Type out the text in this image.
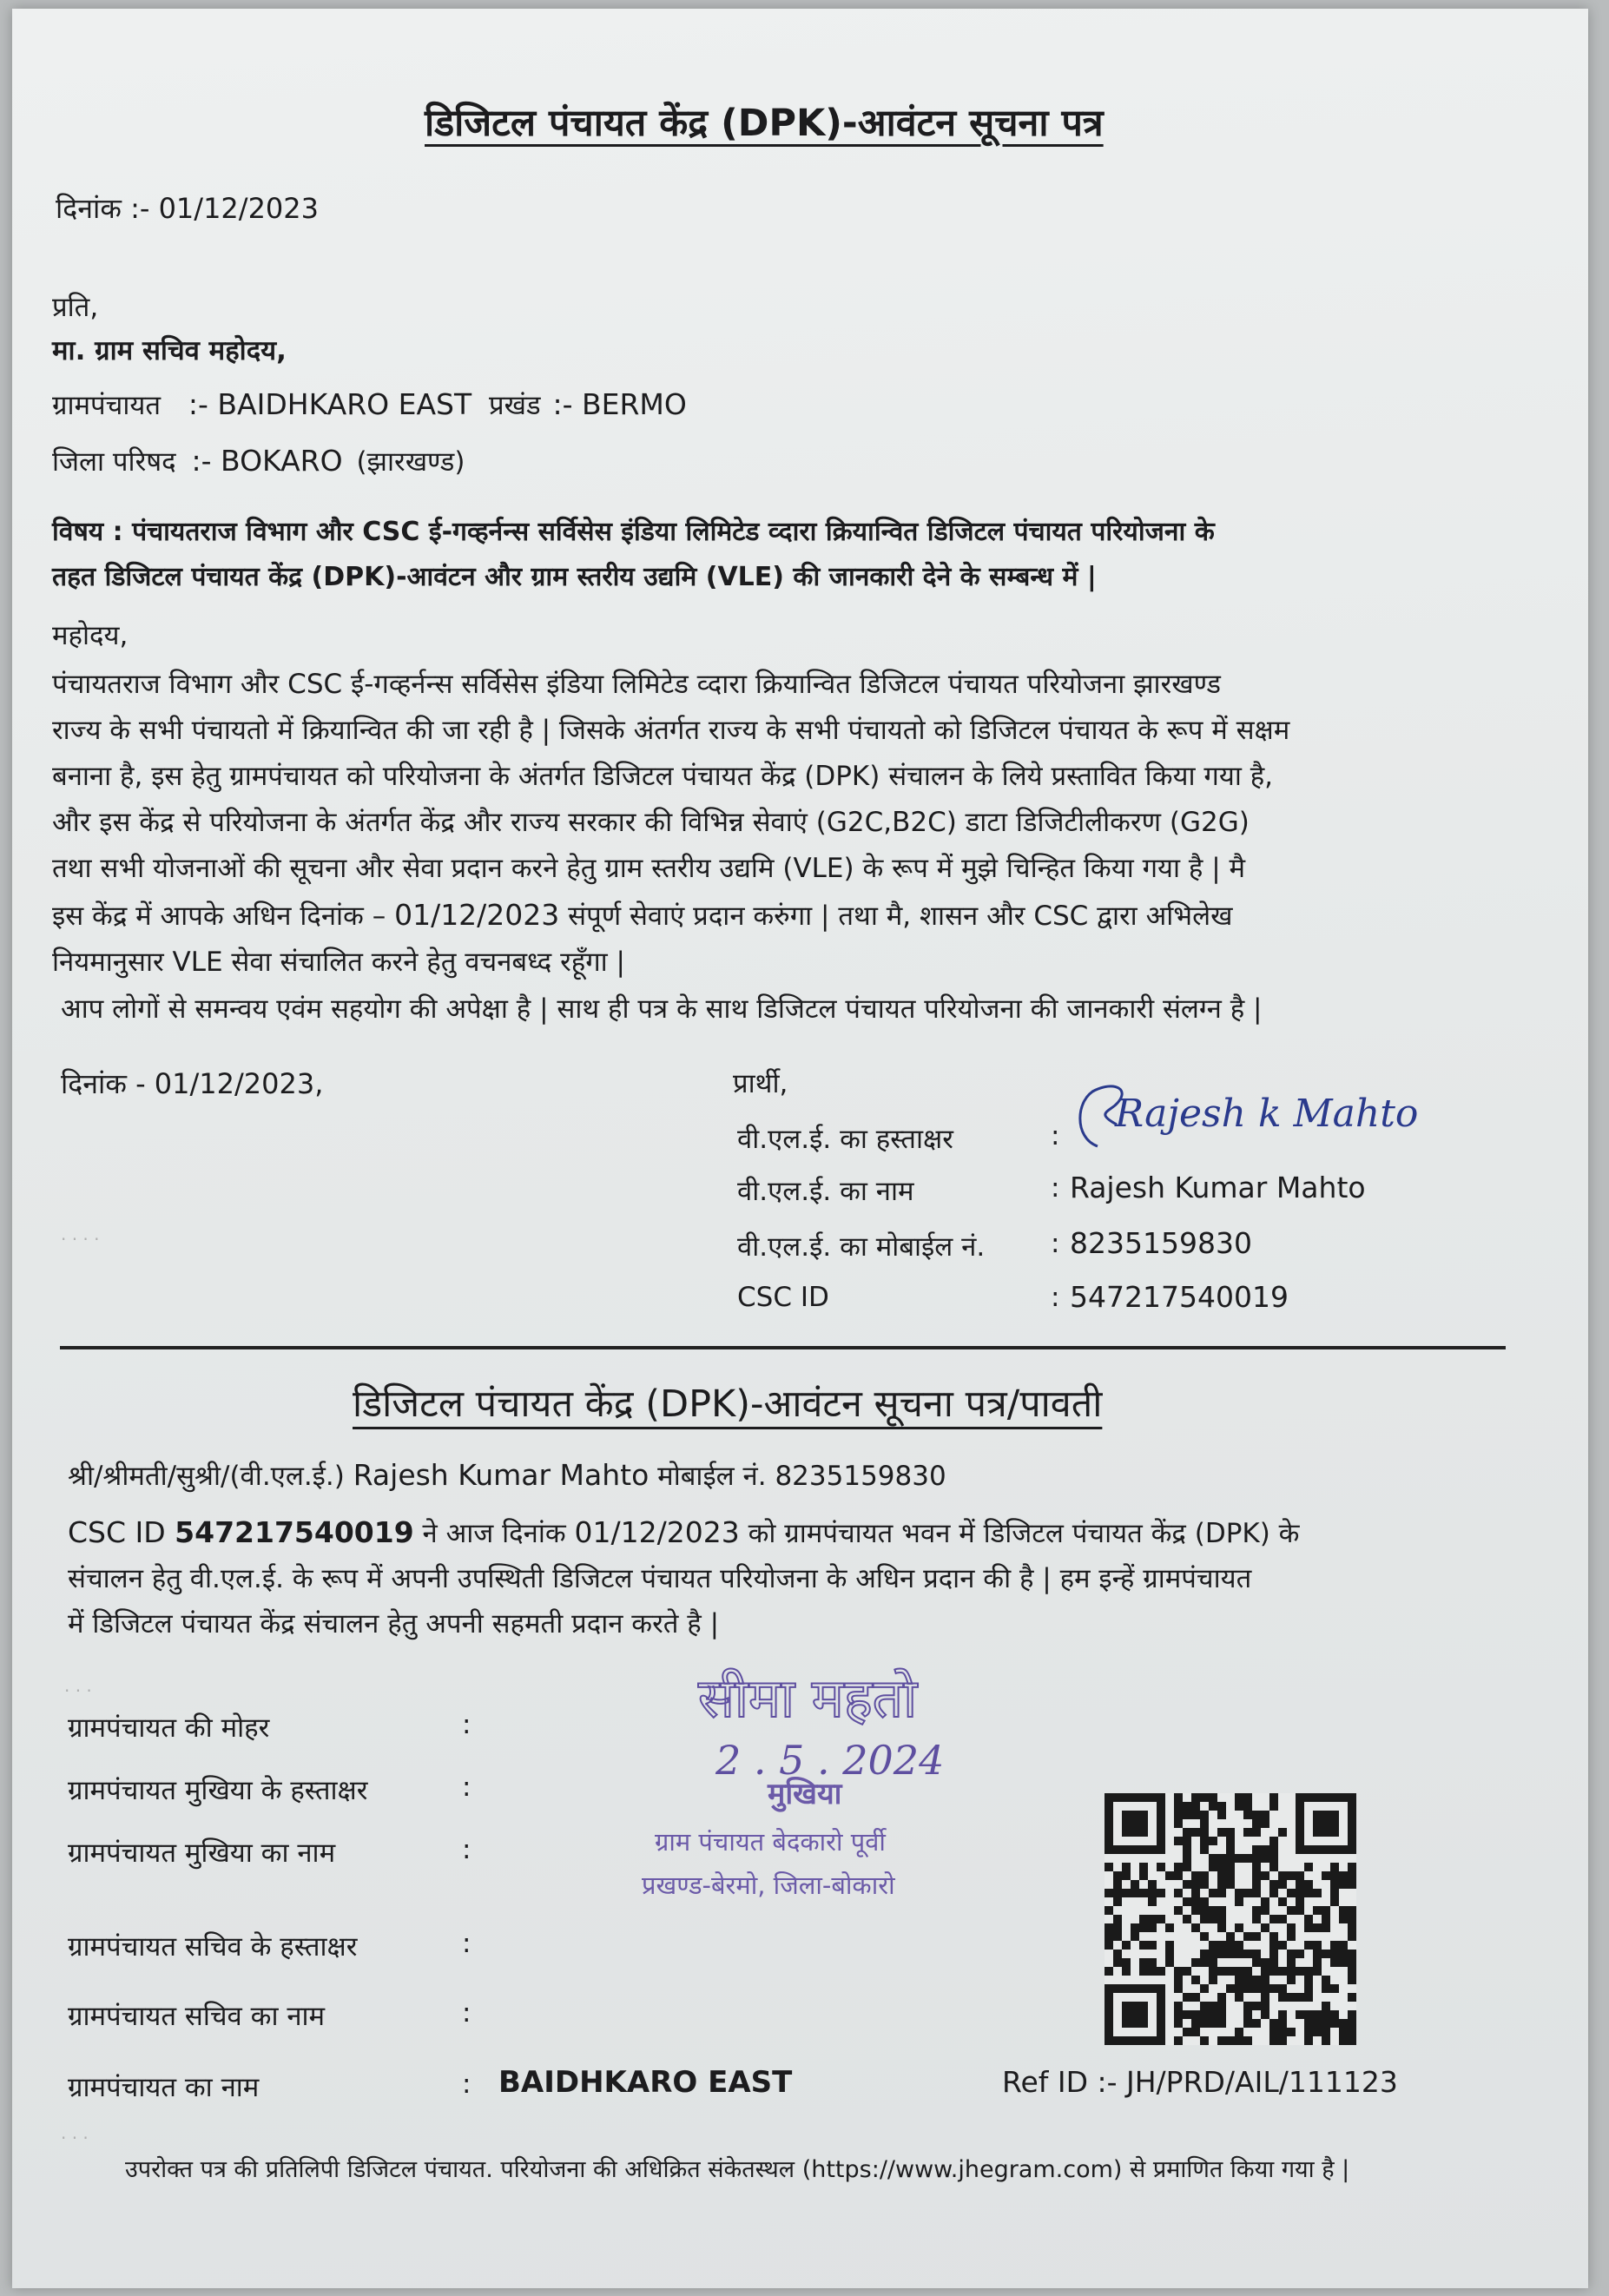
डिजिटल पंचायत केंद्र (DPK)-आवंटन सूचना पत्र
दिनांक :- 01/12/2023
प्रति,
मा. ग्राम सचिव महोदय,
ग्रामपंचायत :- BAIDHKARO EAST प्रखंड :- BERMO
जिला परिषद :- BOKARO (झारखण्ड)
विषय : पंचायतराज विभाग और CSC ई-गव्हर्नन्स सर्विसेस इंडिया लिमिटेड व्दारा क्रियान्वित डिजिटल पंचायत परियोजना के
तहत डिजिटल पंचायत केंद्र (DPK)-आवंटन और ग्राम स्तरीय उद्यमि (VLE) की जानकारी देने के सम्बन्ध में |
महोदय,
पंचायतराज विभाग और CSC ई-गव्हर्नन्स सर्विसेस इंडिया लिमिटेड व्दारा क्रियान्वित डिजिटल पंचायत परियोजना झारखण्ड
राज्य के सभी पंचायतो में क्रियान्वित की जा रही है | जिसके अंतर्गत राज्य के सभी पंचायतो को डिजिटल पंचायत के रूप में सक्षम
बनाना है, इस हेतु ग्रामपंचायत को परियोजना के अंतर्गत डिजिटल पंचायत केंद्र (DPK) संचालन के लिये प्रस्तावित किया गया है,
और इस केंद्र से परियोजना के अंतर्गत केंद्र और राज्य सरकार की विभिन्न सेवाएं (G2C,B2C) डाटा डिजिटीलीकरण (G2G)
तथा सभी योजनाओं की सूचना और सेवा प्रदान करने हेतु ग्राम स्तरीय उद्यमि (VLE) के रूप में मुझे चिन्हित किया गया है | मै
इस केंद्र में आपके अधिन दिनांक – 01/12/2023 संपूर्ण सेवाएं प्रदान करुंगा | तथा मै, शासन और CSC द्वारा अभिलेख
नियमानुसार VLE सेवा संचालित करने हेतु वचनबध्द रहूँगा |
आप लोगों से समन्वय एवंम सहयोग की अपेक्षा है | साथ ही पत्र के साथ डिजिटल पंचायत परियोजना की जानकारी संलग्न है |
दिनांक - 01/12/2023,	प्रार्थी,
वी.एल.ई. का हस्ताक्षर	: Rajesh k Mahto
वी.एल.ई. का नाम	: Rajesh Kumar Mahto
वी.एल.ई. का मोबाईल नं. : 8235159830
CSC ID	: 547217540019
डिजिटल पंचायत केंद्र (DPK)-आवंटन सूचना पत्र/पावती
श्री/श्रीमती/सुश्री/(वी.एल.ई.) Rajesh Kumar Mahto मोबाईल नं. 8235159830
CSC ID 547217540019 ने आज दिनांक 01/12/2023 को ग्रामपंचायत भवन में डिजिटल पंचायत केंद्र (DPK) के
संचालन हेतु वी.एल.ई. के रूप में अपनी उपस्थिती डिजिटल पंचायत परियोजना के अधिन प्रदान की है | हम इन्हें ग्रामपंचायत
में डिजिटल पंचायत केंद्र संचालन हेतु अपनी सहमती प्रदान करते है |
ग्रामपंचायत की मोहर	:
ग्रामपंचायत मुखिया के हस्ताक्षर	:
ग्रामपंचायत मुखिया का नाम	:
ग्रामपंचायत सचिव के हस्ताक्षर	:
ग्रामपंचायत सचिव का नाम	:
ग्रामपंचायत का नाम	: BAIDHKARO EAST	Ref ID :- JH/PRD/AIL/111123
सीमा महतो
2 . 5 . 2024
मुखिया
ग्राम पंचायत बेदकारो पूर्वी
प्रखण्ड-बेरमो, जिला-बोकारो
उपरोक्त पत्र की प्रतिलिपी डिजिटल पंचायत. परियोजना की अधिक्रित संकेतस्थल (https://www.jhegram.com) से प्रमाणित किया गया है |
· · · ·
· · ·
· · ·
